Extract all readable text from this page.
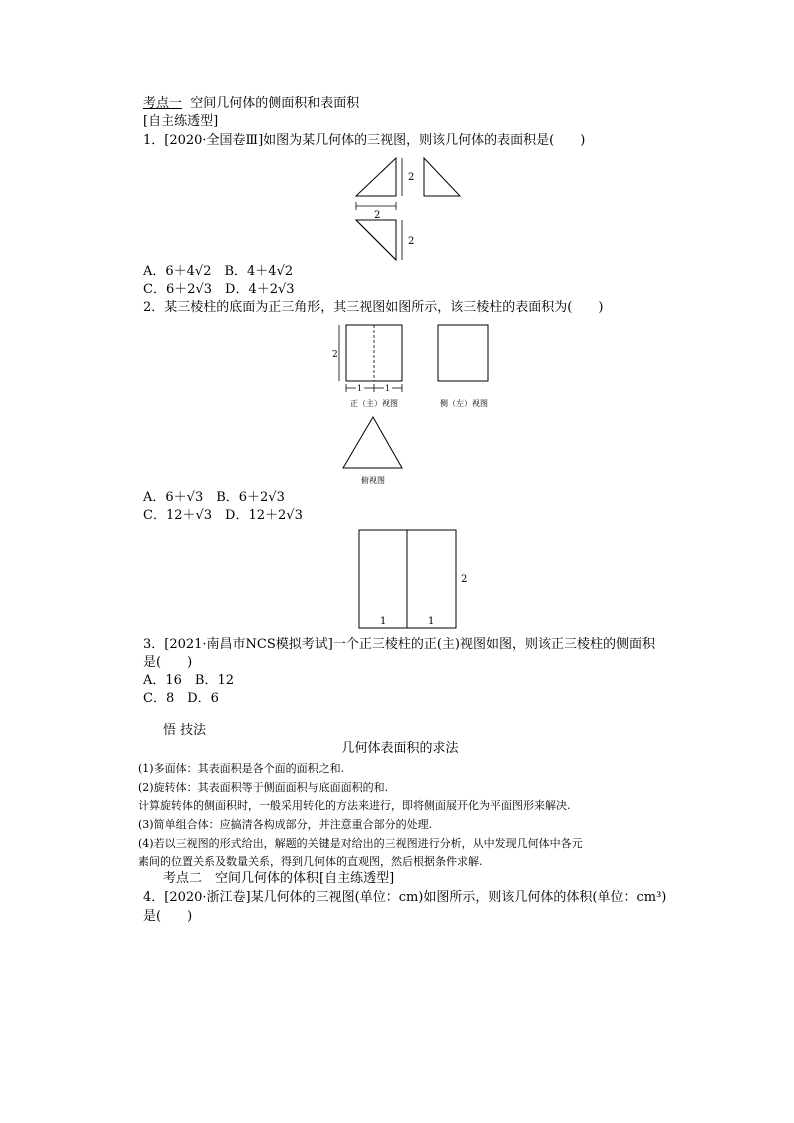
考点一 空间几何体的侧面积和表面积
[自主练透型]
1．[2020·全国卷Ⅲ]如图为某几何体的三视图，则该几何体的表面积是(　　)
2
2
2
A．6＋4√2　B．4＋4√2
C．6＋2√3　D．4＋2√3
2．某三棱柱的底面为正三角形，其三视图如图所示，该三棱柱的表面积为(　　)
2
1	1
正（主）视图	侧（左）视图
俯视图
A．6＋√3　B．6＋2√3
C．12＋√3　D．12＋2√3
2
1	1
3．[2021·南昌市NCS模拟考试]一个正三棱柱的正(主)视图如图，则该正三棱柱的侧面积
是(　　)
A．16　B．12
C．8　D．6
悟 技法
几何体表面积的求法
(1)多面体：其表面积是各个面的面积之和.
(2)旋转体：其表面积等于侧面面积与底面面积的和.
计算旋转体的侧面积时，一般采用转化的方法来进行，即将侧面展开化为平面图形来解决.
(3)简单组合体：应搞清各构成部分，并注意重合部分的处理.
(4)若以三视图的形式给出，解题的关键是对给出的三视图进行分析，从中发现几何体中各元
素间的位置关系及数量关系，得到几何体的直观图，然后根据条件求解.
考点二　空间几何体的体积[自主练透型]
4．[2020·浙江卷]某几何体的三视图(单位：cm)如图所示，则该几何体的体积(单位：cm³)
是(　　)
